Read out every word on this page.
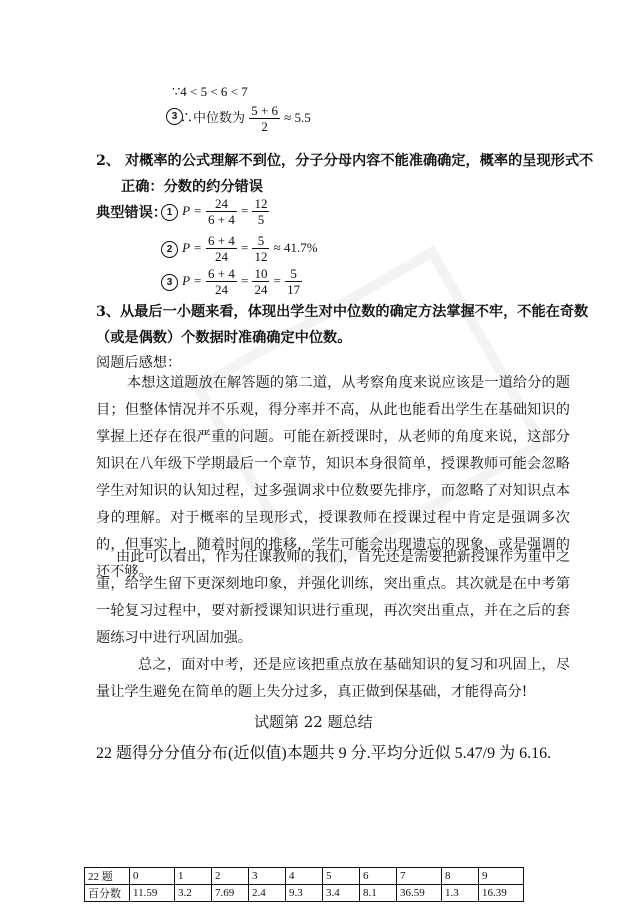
∵4 < 5 < 6 < 7
3 ∴中位数为 $\frac{5 + 6}{2} \approx 5.5$
2、 对概率的公式理解不到位，分子分母内容不能准确确定，概率的呈现形式不
正确：分数的约分错误
典型错误： 1 $P = \frac{24}{6 + 4} = \frac{12}{5}$
2 $P = \frac{6 + 4}{24} = \frac{5}{12} \approx 41.7\%$
3 $P = \frac{6 + 4}{24} = \frac{10}{24} = \frac{5}{17}$
3、从最后一小题来看，体现出学生对中位数的确定方法掌握不牢，不能在奇数
（或是偶数）个数据时准确确定中位数。
阅题后感想：
本想这道题放在解答题的第二道，从考察角度来说应该是一道给分的题目；但整体情况并不乐观，得分率并不高，从此也能看出学生在基础知识的掌握上还存在很严重的问题。可能在新授课时，从老师的角度来说，这部分知识在八年级下学期最后一个章节，知识本身很简单，授课教师可能会忽略学生对知识的认知过程，过多强调求中位数要先排序，而忽略了对知识点本身的理解。对于概率的呈现形式，授课教师在授课过程中肯定是强调多次的，但事实上，随着时间的推移，学生可能会出现遗忘的现象，或是强调的还不够。
由此可以看出，作为任课教师的我们，首先还是需要把新授课作为重中之重，给学生留下更深刻地印象，并强化训练，突出重点。其次就是在中考第一轮复习过程中，要对新授课知识进行重现，再次突出重点，并在之后的套题练习中进行巩固加强。
总之，面对中考，还是应该把重点放在基础知识的复习和巩固上，尽量让学生避免在简单的题上失分过多，真正做到保基础，才能得高分!
试题第 22 题总结
22 题得分分值分布(近似值)本题共 9 分.平均分近似 5.47/9 为 6.16.
22 题	0	1	2	3	4	5	6	7	8	9
百分数	11.59	3.2	7.69	2.4	9.3	3.4	8.1	36.59	1.3	16.39
